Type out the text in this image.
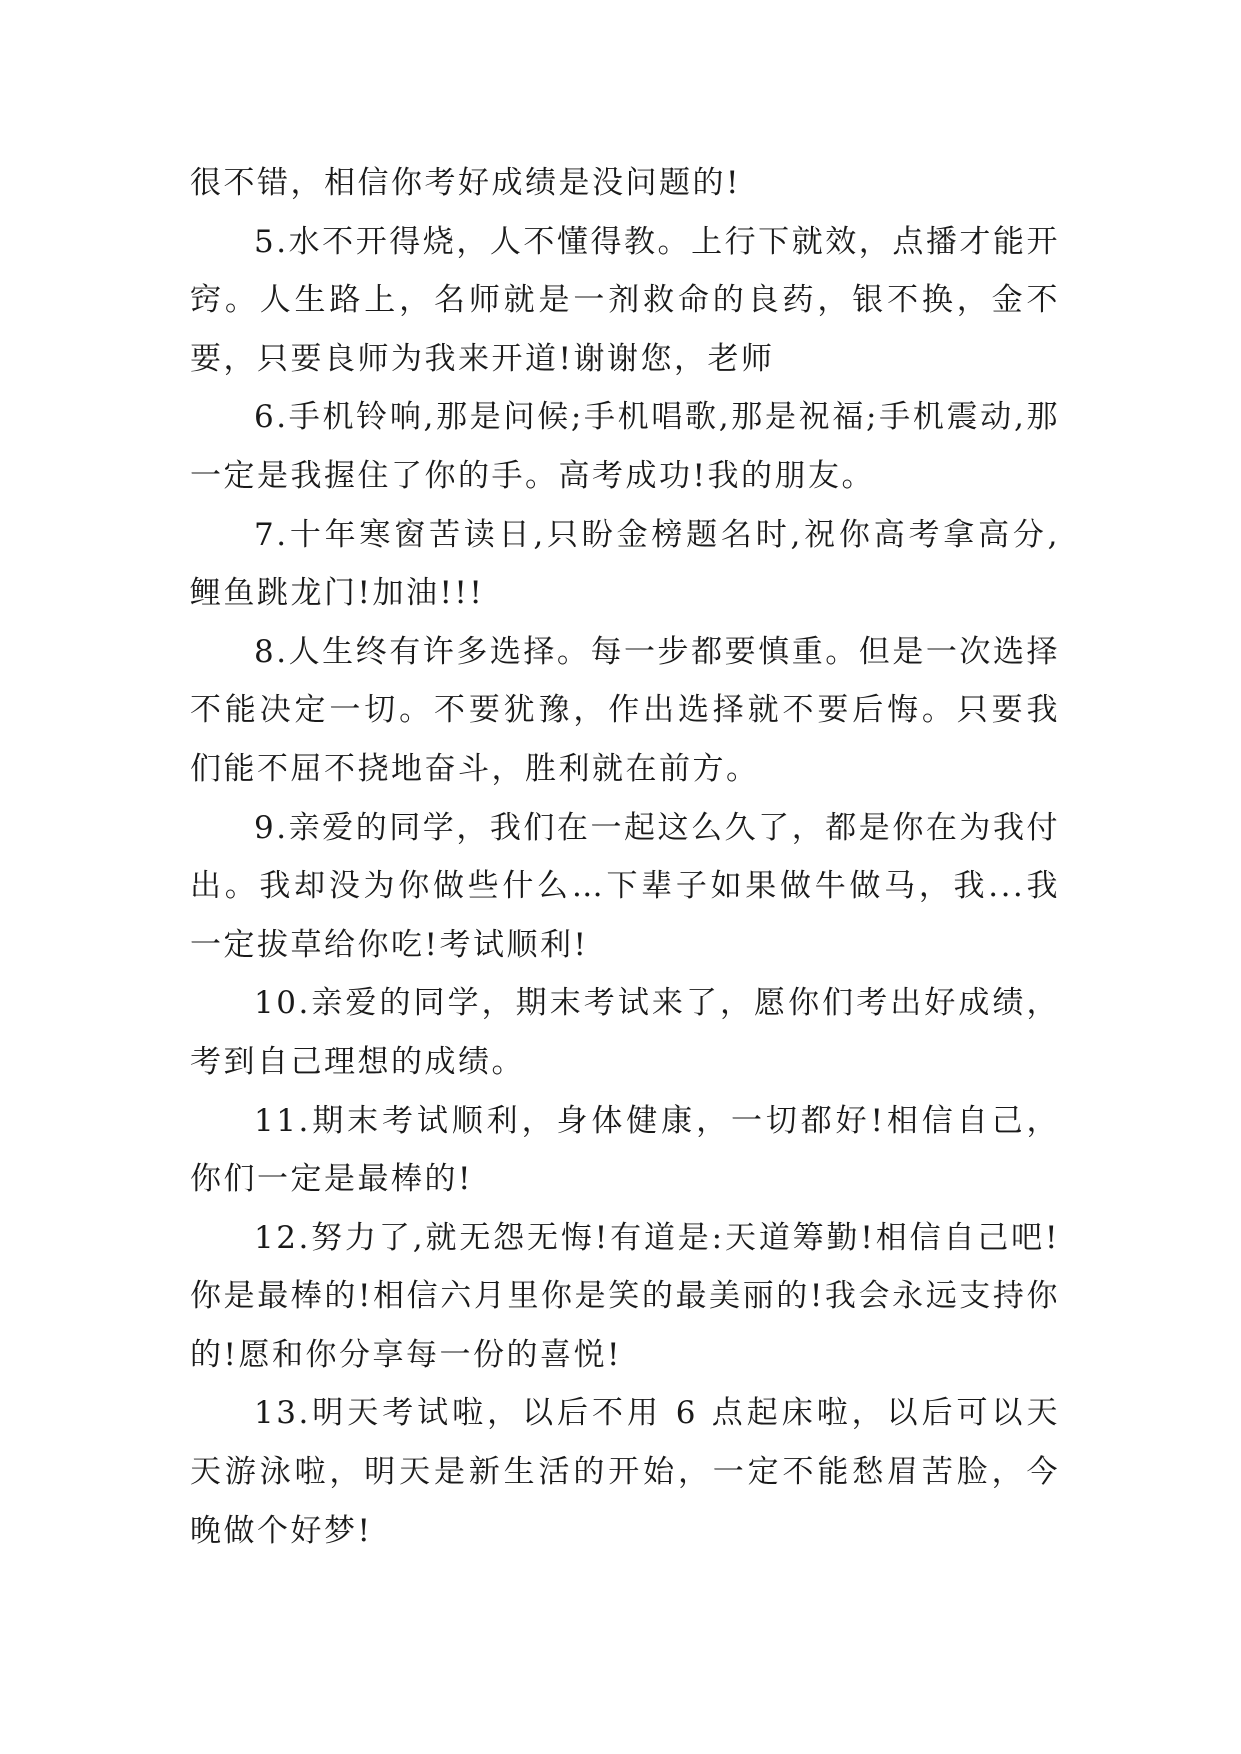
很不错，相信你考好成绩是没问题的!

5.水不开得烧，人不懂得教。上行下就效，点播才能开窍。人生路上，名师就是一剂救命的良药，银不换，金不要，只要良师为我来开道!谢谢您，老师

6.手机铃响,那是问候;手机唱歌,那是祝福;手机震动,那一定是我握住了你的手。高考成功!我的朋友。

7.十年寒窗苦读日,只盼金榜题名时,祝你高考拿高分,鲤鱼跳龙门!加油!!!

8.人生终有许多选择。每一步都要慎重。但是一次选择不能决定一切。不要犹豫，作出选择就不要后悔。只要我们能不屈不挠地奋斗，胜利就在前方。

9.亲爱的同学，我们在一起这么久了，都是你在为我付出。我却没为你做些什么…下辈子如果做牛做马，我...我一定拔草给你吃!考试顺利!

10.亲爱的同学，期末考试来了，愿你们考出好成绩，考到自己理想的成绩。

11.期末考试顺利，身体健康，一切都好!相信自己，你们一定是最棒的!

12.努力了,就无怨无悔!有道是:天道筹勤!相信自己吧!你是最棒的!相信六月里你是笑的最美丽的!我会永远支持你的!愿和你分享每一份的喜悦!

13.明天考试啦，以后不用 6 点起床啦，以后可以天天游泳啦，明天是新生活的开始，一定不能愁眉苦脸，今晚做个好梦!
